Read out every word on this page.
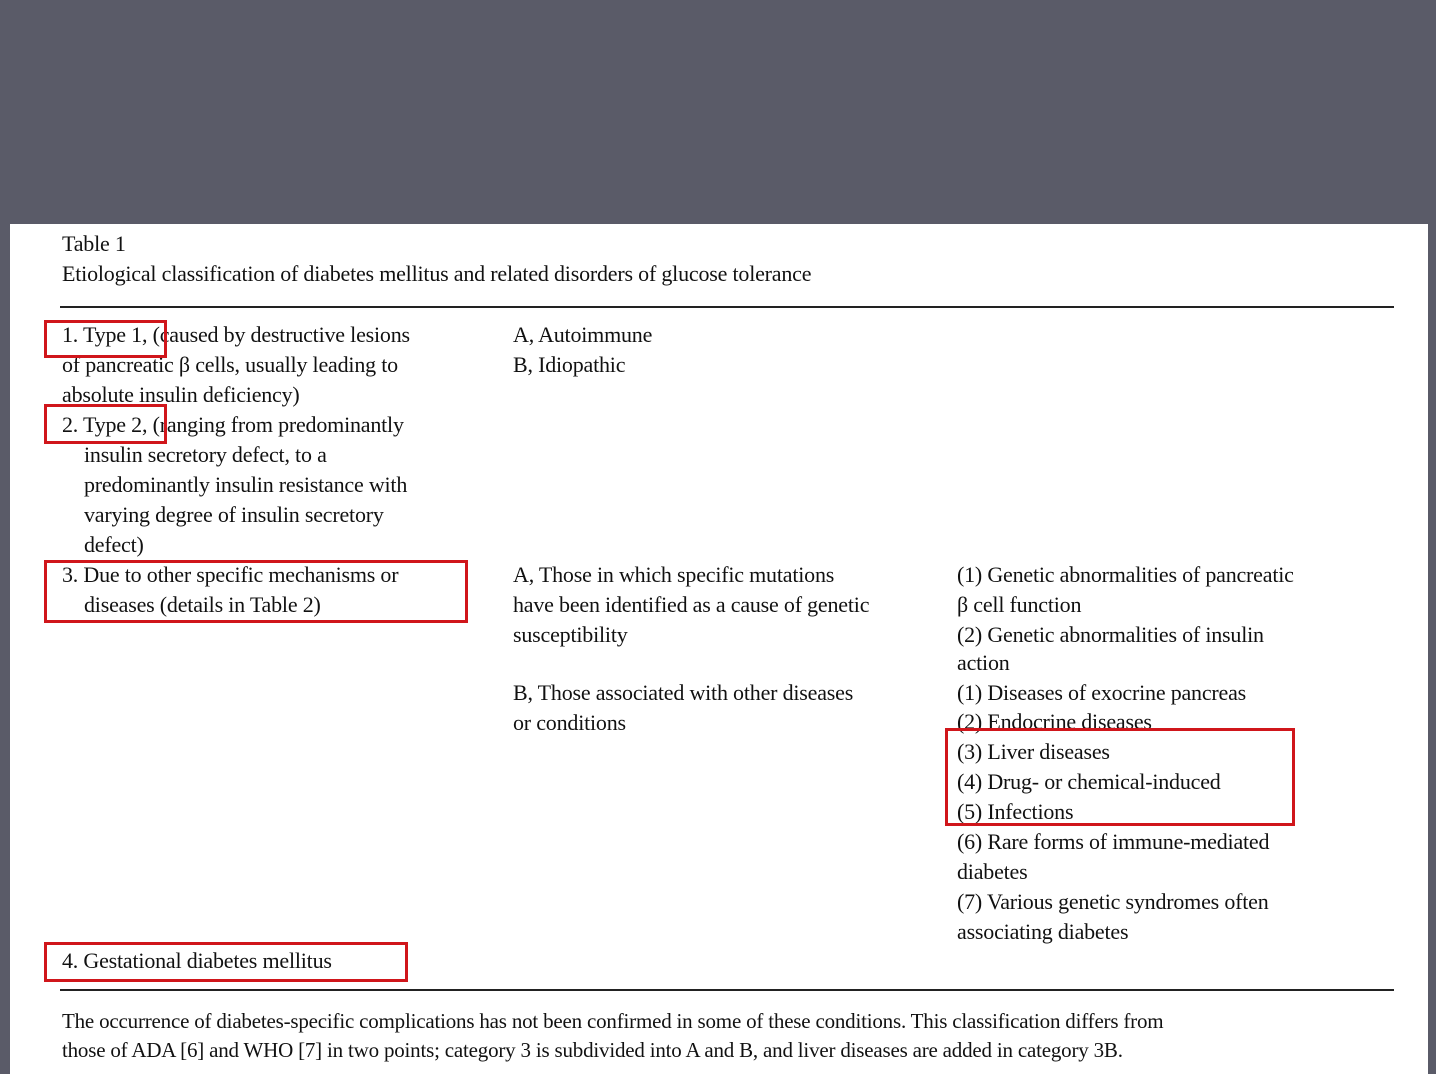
Table 1
Etiological classification of diabetes mellitus and related disorders of glucose tolerance
1. Type 1, (caused by destructive lesions
of pancreatic β cells, usually leading to
absolute insulin deficiency)
A, Autoimmune
B, Idiopathic
2. Type 2, (ranging from predominantly
insulin secretory defect, to a
predominantly insulin resistance with
varying degree of insulin secretory
defect)
3. Due to other specific mechanisms or
diseases (details in Table 2)
A, Those in which specific mutations
have been identified as a cause of genetic
susceptibility
(1) Genetic abnormalities of pancreatic
β cell function
(2) Genetic abnormalities of insulin
action
B, Those associated with other diseases
or conditions
(1) Diseases of exocrine pancreas
(2) Endocrine diseases
(3) Liver diseases
(4) Drug- or chemical-induced
(5) Infections
(6) Rare forms of immune-mediated
diabetes
(7) Various genetic syndromes often
associating diabetes
4. Gestational diabetes mellitus
The occurrence of diabetes-specific complications has not been confirmed in some of these conditions. This classification differs from
those of ADA [6] and WHO [7] in two points; category 3 is subdivided into A and B, and liver diseases are added in category 3B.
